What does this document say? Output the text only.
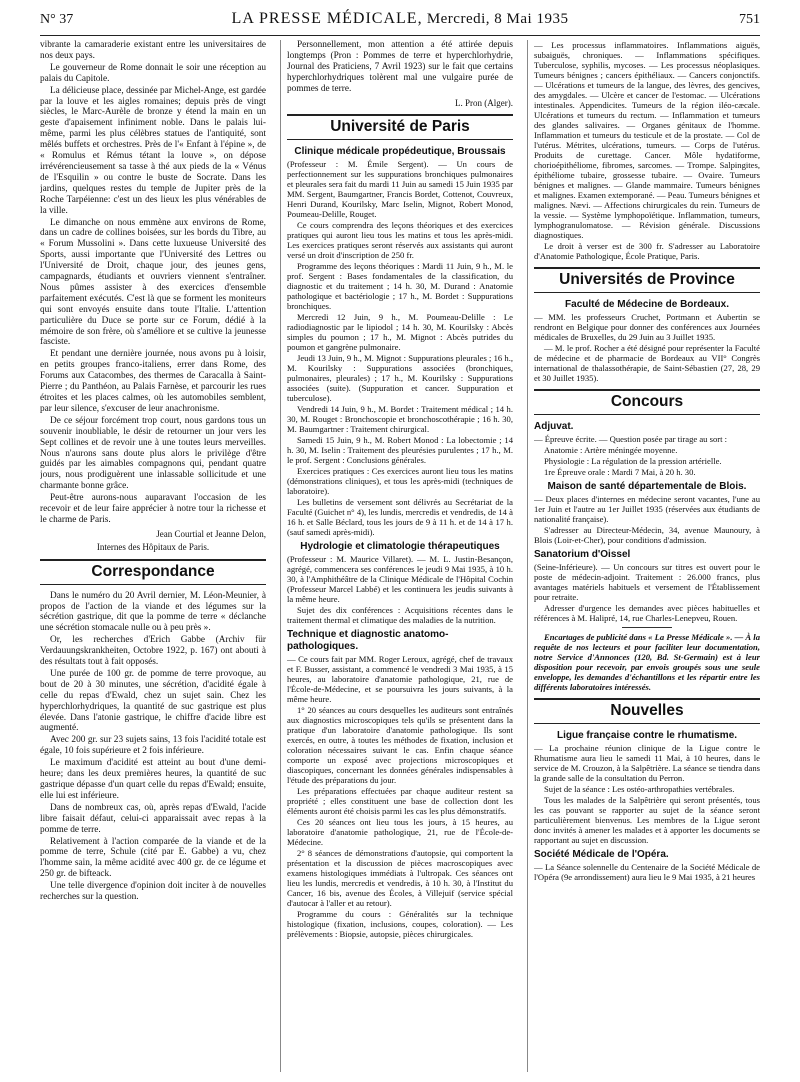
N° 37	LA PRESSE MÉDICALE, Mercredi, 8 Mai 1935	751

vibrante la camaraderie existant entre les universitaires de nos deux pays.

Le gouverneur de Rome donnait le soir une réception au palais du Capitole.

La délicieuse place, dessinée par Michel-Ange, est gardée par la louve et les aigles romaines; depuis près de vingt siècles, le Marc-Aurèle de bronze y étend la main en un geste d'apaisement infiniment noble. Dans le palais lui-même, parmi les plus célèbres statues de l'antiquité, sont mêlés buffets et orchestres. Près de l'« Enfant à l'épine », de « Romulus et Rémus tétant la louve », on dépose irrévérencieusement sa tasse à thé aux pieds de la « Vénus de l'Esquilin » ou contre le buste de Socrate. Dans les jardins, quelques restes du temple de Jupiter près de la Roche Tarpéienne: c'est un des lieux les plus vénérables de la ville.

Le dimanche on nous emmène aux environs de Rome, dans un cadre de collines boisées, sur les bords du Tibre, au « Forum Mussolini ». Dans cette luxueuse Université des Sports, aussi importante que l'Université des Lettres ou l'Université de Droit, chaque jour, des jeunes gens, campagnards, étudiants et ouvriers viennent s'entraîner. Nous pûmes assister à des exercices d'ensemble parfaitement exécutés. C'est là que se forment les moniteurs qui sont envoyés ensuite dans toute l'Italie. L'attention particulière du Duce se porte sur ce Forum, dédié à la mémoire de son frère, où s'améliore et se cultive la jeunesse fasciste.

Et pendant une dernière journée, nous avons pu à loisir, en petits groupes franco-italiens, errer dans Rome, des Forums aux Catacombes, des thermes de Caracalla à Saint-Pierre ; du Panthéon, au Palais Farnèse, et parcourir les rues étroites et les places calmes, où les automobiles semblent, par leur silence, s'excuser de leur anachronisme.

De ce séjour forcément trop court, nous gardons tous un souvenir inoubliable, le désir de retourner un jour vers les Sept collines et de revoir une à une toutes leurs merveilles. Nous n'aurons sans doute plus alors le privilège d'être guidés par les aimables compagnons qui, pendant quatre jours, nous prodiguèrent une inlassable sollicitude et une charmante bonne grâce.

Peut-être aurons-nous auparavant l'occasion de les recevoir et de leur faire apprécier à notre tour la richesse et le charme de Paris.

Jean Courtial et Jeanne Delon,
Internes des Hôpitaux de Paris.
Correspondance

Dans le numéro du 20 Avril dernier, M. Léon-Meunier, à propos de l'action de la viande et des légumes sur la sécrétion gastrique, dit que la pomme de terre « déclanche une sécrétion stomacale nulle ou à peu près ».

Or, les recherches d'Erich Gabbe (Archiv für Verdauungskrankheiten, Octobre 1922, p. 167) ont abouti à des résultats tout à fait opposés.

Une purée de 100 gr. de pomme de terre provoque, au bout de 20 à 30 minutes, une sécrétion, d'acidité égale à celle du repas d'Ewald, chez un sujet sain. Chez les hyperchlorhydriques, la quantité de suc gastrique est plus élevée. Dans l'atonie gastrique, le chiffre d'acide libre est augmenté.

Avec 200 gr. sur 23 sujets sains, 13 fois l'acidité totale est égale, 10 fois supérieure et 2 fois inférieure.

Le maximum d'acidité est atteint au bout d'une demi-heure; dans les deux premières heures, la quantité de suc gastrique dépasse d'un quart celle du repas d'Ewald; ensuite, elle lui est inférieure.

Dans de nombreux cas, où, après repas d'Ewald, l'acide libre faisait défaut, celui-ci apparaissait avec repas à la pomme de terre.

Relativement à l'action comparée de la viande et de la pomme de terre, Schule (cité par E. Gabbe) a vu, chez l'homme sain, la même acidité avec 400 gr. de ce légume et 250 gr. de bifteack.

Une telle divergence d'opinion doit inciter à de nouvelles recherches sur la question.

Personnellement, mon attention a été attirée depuis longtemps (Pron : Pommes de terre et hyperchlorhydrie, Journal des Praticiens, 7 Avril 1923) sur le fait que certains hyperchlorhydriques tolèrent mal une vulgaire purée de pommes de terre.

L. Pron (Alger).
Université de Paris
Clinique médicale propédeutique, Broussais

(Professeur : M. Émile Sergent). — Un cours de perfectionnement sur les suppurations bronchiques pulmonaires et pleurales sera fait du mardi 11 Juin au samedi 15 Juin 1935 par MM. Sergent, Baumgartner, Francis Bordet, Cottenot, Couvreux, Henri Durand, Kourilsky, Marc Iselin, Mignot, Robert Monod, Poumeau-Delille, Rouget.

Ce cours comprendra des leçons théoriques et des exercices pratiques qui auront lieu tous les matins et tous les après-midi. Les exercices pratiques seront réservés aux assistants qui auront versé un droit d'inscription de 250 fr.

Programme des leçons théoriques : Mardi 11 Juin, 9 h., M. le prof. Sergent : Bases fondamentales de la classification, du diagnostic et du traitement ; 14 h. 30, M. Durand : Anatomie pathologique et bactériologie ; 17 h., M. Bordet : Suppurations bronchiques.

Mercredi 12 Juin, 9 h., M. Poumeau-Delille : Le radiodiagnostic par le lipiodol ; 14 h. 30, M. Kourilsky : Abcès simples du poumon ; 17 h., M. Mignot : Abcès putrides du poumon et gangrène pulmonaire.

Jeudi 13 Juin, 9 h., M. Mignot : Suppurations pleurales ; 16 h., M. Kourilsky : Suppurations associées (bronchiques, pulmonaires, pleurales) ; 17 h., M. Kourilsky : Suppurations associées (suite). (Suppuration et cancer. Suppuration et tuberculose).

Vendredi 14 Juin, 9 h., M. Bordet : Traitement médical ; 14 h. 30, M. Rouget : Bronchoscopie et bronchoscothérapie ; 16 h. 30, M. Baumgartner : Traitement chirurgical.

Samedi 15 Juin, 9 h., M. Robert Monod : La lobectomie ; 14 h. 30, M. Iselin : Traitement des pleurésies purulentes ; 17 h., M. le prof. Sergent : Conclusions générales.

Exercices pratiques : Ces exercices auront lieu tous les matins (démonstrations cliniques), et tous les après-midi (techniques de laboratoire).

Les bulletins de versement sont délivrés au Secrétariat de la Faculté (Guichet n° 4), les lundis, mercredis et vendredis, de 14 à 16 h. et Salle Béclard, tous les jours de 9 à 11 h. et de 14 à 17 h. (sauf samedi après-midi).

Hydrologie et climatologie thérapeutiques

(Professeur : M. Maurice Villaret). — M. L. Justin-Besançon, agrégé, commencera ses conférences le jeudi 9 Mai 1935, à 10 h. 30, à l'Amphithéâtre de la Clinique Médicale de l'Hôpital Cochin (Professeur Marcel Labbé) et les continuera les jeudis suivants à la même heure.

Sujet des dix conférences : Acquisitions récentes dans le traitement thermal et climatique des maladies de la nutrition.

Technique et diagnostic anatomo-pathologiques.

— Ce cours fait par MM. Roger Leroux, agrégé, chef de travaux et F. Busser, assistant, a commencé le vendredi 3 Mai 1935, à 15 heures, au laboratoire d'anatomie pathologique, 21, rue de l'École-de-Médecine, et se poursuivra les jours suivants, à la même heure.

1° 20 séances au cours desquelles les auditeurs sont entraînés aux diagnostics microscopiques tels qu'ils se présentent dans la pratique d'un laboratoire d'anatomie pathologique. Ils sont exercés, en outre, à toutes les méthodes de fixation, inclusion et coloration nécessaires suivant le cas. Enfin chaque séance comporte un exposé avec projections microscopiques et diascopiques, concernant les données générales indispensables à l'étude des préparations du jour.

Les préparations effectuées par chaque auditeur restent sa propriété ; elles constituent une base de collection dont les éléments auront été choisis parmi les cas les plus démonstratifs.

Ces 20 séances ont lieu tous les jours, à 15 heures, au laboratoire d'anatomie pathologique, 21, rue de l'École-de-Médecine.

2° 8 séances de démonstrations d'autopsie, qui comportent la présentation et la discussion de pièces macroscopiques avec examens histologiques immédiats à l'ultropak. Ces séances ont lieu les lundis, mercredis et vendredis, à 10 h. 30, à l'Institut du Cancer, 16 bis, avenue des Écoles, à Villejuif (service spécial d'autocar à l'aller et au retour).

Programme du cours : Généralités sur la technique histologique (fixation, inclusions, coupes, coloration). — Les prélèvements : Biopsie, autopsie, pièces chirurgicales.

— Les processus inflammatoires. Inflammations aiguës, subaiguës, chroniques. — Inflammations spécifiques. Tuberculose, syphilis, mycoses. — Les processus néoplasiques. Tumeurs bénignes ; cancers épithéliaux. — Cancers conjonctifs. — Ulcérations et tumeurs de la langue, des lèvres, des gencives, des amygdales. — Ulcère et cancer de l'estomac. — Ulcérations intestinales. Appendicites. Tumeurs de la région iléo-cæcale. Ulcérations et tumeurs du rectum. — Inflammation et tumeurs des glandes salivaires. — Organes génitaux de l'homme. Inflammation et tumeurs du testicule et de la prostate. — Col de l'utérus. Métrites, ulcérations, tumeurs. — Corps de l'utérus. Produits de curettage. Cancer. Môle hydatiforme, chorioépithéliome, fibromes, sarcomes. — Trompe. Salpingites, épithéliome tubaire, grossesse tubaire. — Ovaire. Tumeurs bénignes et malignes. — Glande mammaire. Tumeurs bénignes et malignes. Examen extemporané. — Peau. Tumeurs bénignes et malignes. Nævi. — Affections chirurgicales du rein. Tumeurs de la vessie. — Système lymphopoïétique. Inflammation, tumeurs, lymphogranulomatose. — Révision générale. Discussions diagnostiques.

Le droit à verser est de 300 fr. S'adresser au Laboratoire d'Anatomie Pathologique, École Pratique, Paris.

Universités de Province
Faculté de Médecine de Bordeaux.

— MM. les professeurs Cruchet, Portmann et Aubertin se rendront en Belgique pour donner des conférences aux Journées médicales de Bruxelles, du 29 Juin au 3 Juillet 1935.

— M. le prof. Rocher a été désigné pour représenter la Faculté de médecine et de pharmacie de Bordeaux au VII° Congrès international de thalassothérapie, de Saint-Sébastien (27, 28, 29 et 30 Juillet 1935).

Concours
Adjuvat.

— Épreuve écrite. — Question posée par tirage au sort :

Anatomie : Artère méningée moyenne.

Physiologie : La régulation de la pression artérielle.

1re Épreuve orale : Mardi 7 Mai, à 20 h. 30.

Maison de santé départementale de Blois.

— Deux places d'internes en médecine seront vacantes, l'une au 1er Juin et l'autre au 1er Juillet 1935 (réservées aux étudiants de nationalité française).

S'adresser au Directeur-Médecin, 34, avenue Maunoury, à Blois (Loir-et-Cher), pour conditions d'admission.

Sanatorium d'Oissel

(Seine-Inférieure). — Un concours sur titres est ouvert pour le poste de médecin-adjoint. Traitement : 26.000 francs, plus avantages matériels habituels et versement de l'Établissement pour retraite.

Adresser d'urgence les demandes avec pièces habituelles et références à M. Halipré, 14, rue Charles-Lenepveu, Rouen.

Encartages de publicité dans « La Presse Médicale ». — À la requête de nos lecteurs et pour faciliter leur documentation, notre Service d'Annonces (120, Bd. St-Germain) est à leur disposition pour recevoir, par envois groupés sous une seule enveloppe, les demandes d'échantillons et les répartir entre les différents laboratoires intéressés.

Nouvelles
Ligue française contre le rhumatisme.

— La prochaine réunion clinique de la Ligue contre le Rhumatisme aura lieu le samedi 11 Mai, à 10 heures, dans le service de M. Crouzon, à la Salpêtrière. La séance se tiendra dans la grande salle de la consultation du Perron.

Sujet de la séance : Les ostéo-arthropathies vertébrales.

Tous les malades de la Salpêtrière qui seront présentés, tous les cas pouvant se rapporter au sujet de la séance seront particulièrement bienvenus. Les membres de la Ligue seront donc invités à amener les malades et à apporter les documents se rapportant au sujet en discussion.

Société Médicale de l'Opéra.

— La Séance solennelle du Centenaire de la Société Médicale de l'Opéra (9e arrondissement) aura lieu le 9 Mai 1935, à 21 heures
